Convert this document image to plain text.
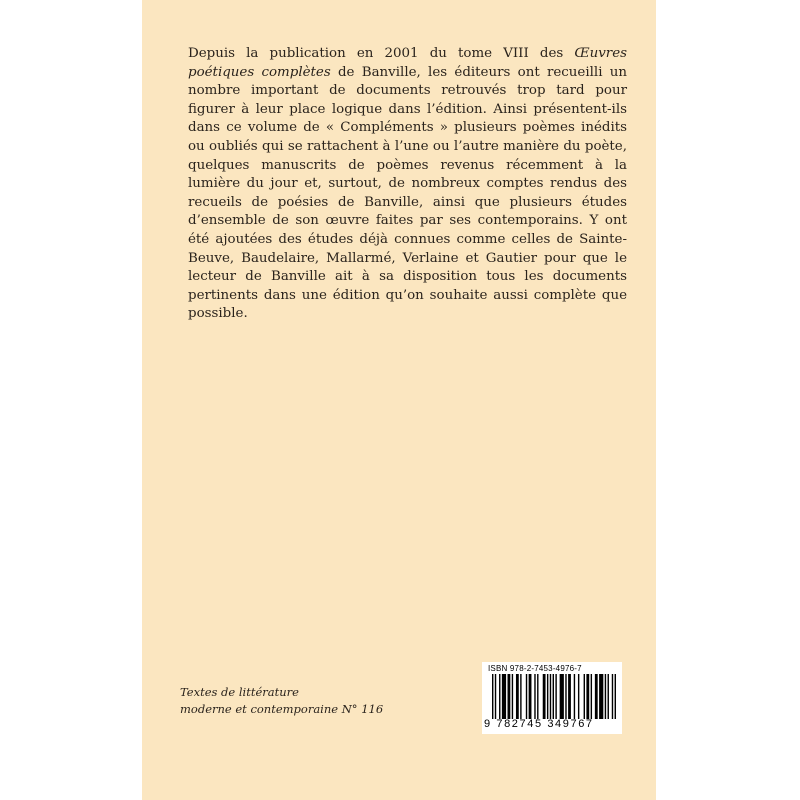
Depuis la publication en 2001 du tome VIII des Œuvres poétiques complètes de Banville, les éditeurs ont recueilli un nombre important de documents retrouvés trop tard pour figurer à leur place logique dans l’édition. Ainsi présentent-ils dans ce volume de « Compléments » plusieurs poèmes inédits ou oubliés qui se rattachent à l’une ou l’autre manière du poète, quelques manuscrits de poèmes revenus récemment à la lumière du jour et, surtout, de nombreux comptes rendus des recueils de poésies de Banville, ainsi que plusieurs études d’ensemble de son œuvre faites par ses contemporains. Y ont été ajoutées des études déjà connues comme celles de Sainte-Beuve, Baudelaire, Mallarmé, Verlaine et Gautier pour que le lecteur de Banville ait à sa disposition tous les documents pertinents dans une édition qu’on souhaite aussi complète que possible.

Textes de littérature
moderne et contemporaine N° 116
ISBN 978-2-7453-4976-7
9 782745 349767
